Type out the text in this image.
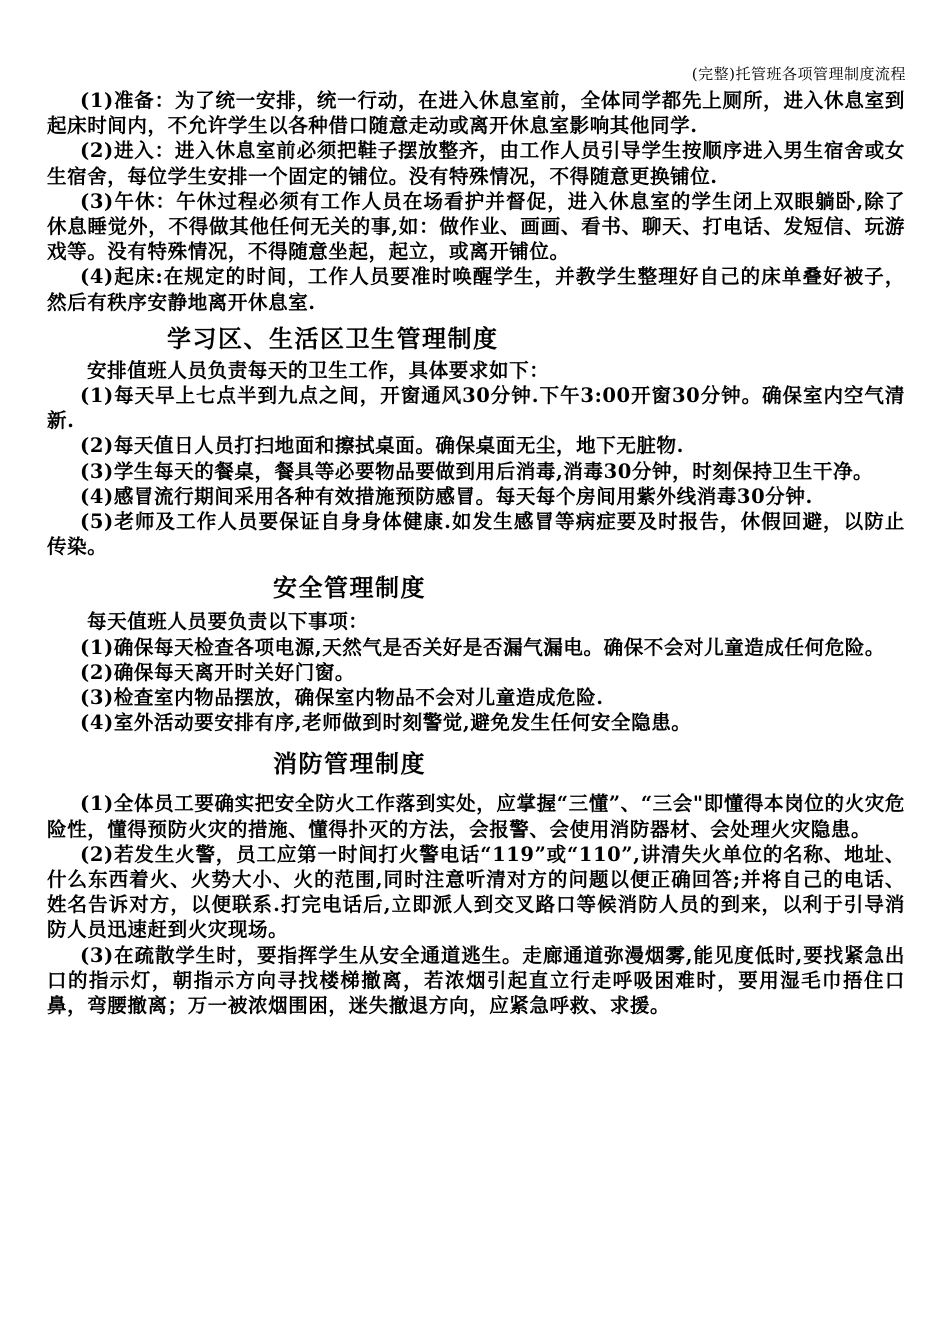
(完整)托管班各项管理制度流程

(1)准备：为了统一安排，统一行动，在进入休息室前，全体同学都先上厕所，进入休息室到起床时间内，不允许学生以各种借口随意走动或离开休息室影响其他同学.

(2)进入：进入休息室前必须把鞋子摆放整齐，由工作人员引导学生按顺序进入男生宿舍或女生宿舍，每位学生安排一个固定的铺位。没有特殊情况，不得随意更换铺位.

(3)午休：午休过程必须有工作人员在场看护并督促，进入休息室的学生闭上双眼躺卧,除了休息睡觉外，不得做其他任何无关的事,如：做作业、画画、看书、聊天、打电话、发短信、玩游戏等。没有特殊情况，不得随意坐起，起立，或离开铺位。

(4)起床:在规定的时间，工作人员要准时唤醒学生，并教学生整理好自己的床单叠好被子，然后有秩序安静地离开休息室.

学习区、生活区卫生管理制度

安排值班人员负责每天的卫生工作，具体要求如下：

(1)每天早上七点半到九点之间，开窗通风30分钟.下午3:00开窗30分钟。确保室内空气清新.

(2)每天值日人员打扫地面和擦拭桌面。确保桌面无尘，地下无脏物.

(3)学生每天的餐桌，餐具等必要物品要做到用后消毒,消毒30分钟，时刻保持卫生干净。

(4)感冒流行期间采用各种有效措施预防感冒。每天每个房间用紫外线消毒30分钟.

(5)老师及工作人员要保证自身身体健康.如发生感冒等病症要及时报告，休假回避，以防止传染。

安全管理制度

每天值班人员要负责以下事项：

(1)确保每天检查各项电源,天然气是否关好是否漏气漏电。确保不会对儿童造成任何危险。

(2)确保每天离开时关好门窗。

(3)检查室内物品摆放，确保室内物品不会对儿童造成危险.

(4)室外活动要安排有序,老师做到时刻警觉,避免发生任何安全隐患。

消防管理制度

(1)全体员工要确实把安全防火工作落到实处，应掌握“三懂”、“三会"即懂得本岗位的火灾危险性，懂得预防火灾的措施、懂得扑灭的方法，会报警、会使用消防器材、会处理火灾隐患。

(2)若发生火警，员工应第一时间打火警电话“119”或“110”,讲清失火单位的名称、地址、什么东西着火、火势大小、火的范围,同时注意听清对方的问题以便正确回答;并将自己的电话、姓名告诉对方，以便联系.打完电话后,立即派人到交叉路口等候消防人员的到来，以利于引导消防人员迅速赶到火灾现场。

(3)在疏散学生时，要指挥学生从安全通道逃生。走廊通道弥漫烟雾,能见度低时,要找紧急出口的指示灯，朝指示方向寻找楼梯撤离，若浓烟引起直立行走呼吸困难时，要用湿毛巾捂住口鼻，弯腰撤离；万一被浓烟围困，迷失撤退方向，应紧急呼救、求援。
